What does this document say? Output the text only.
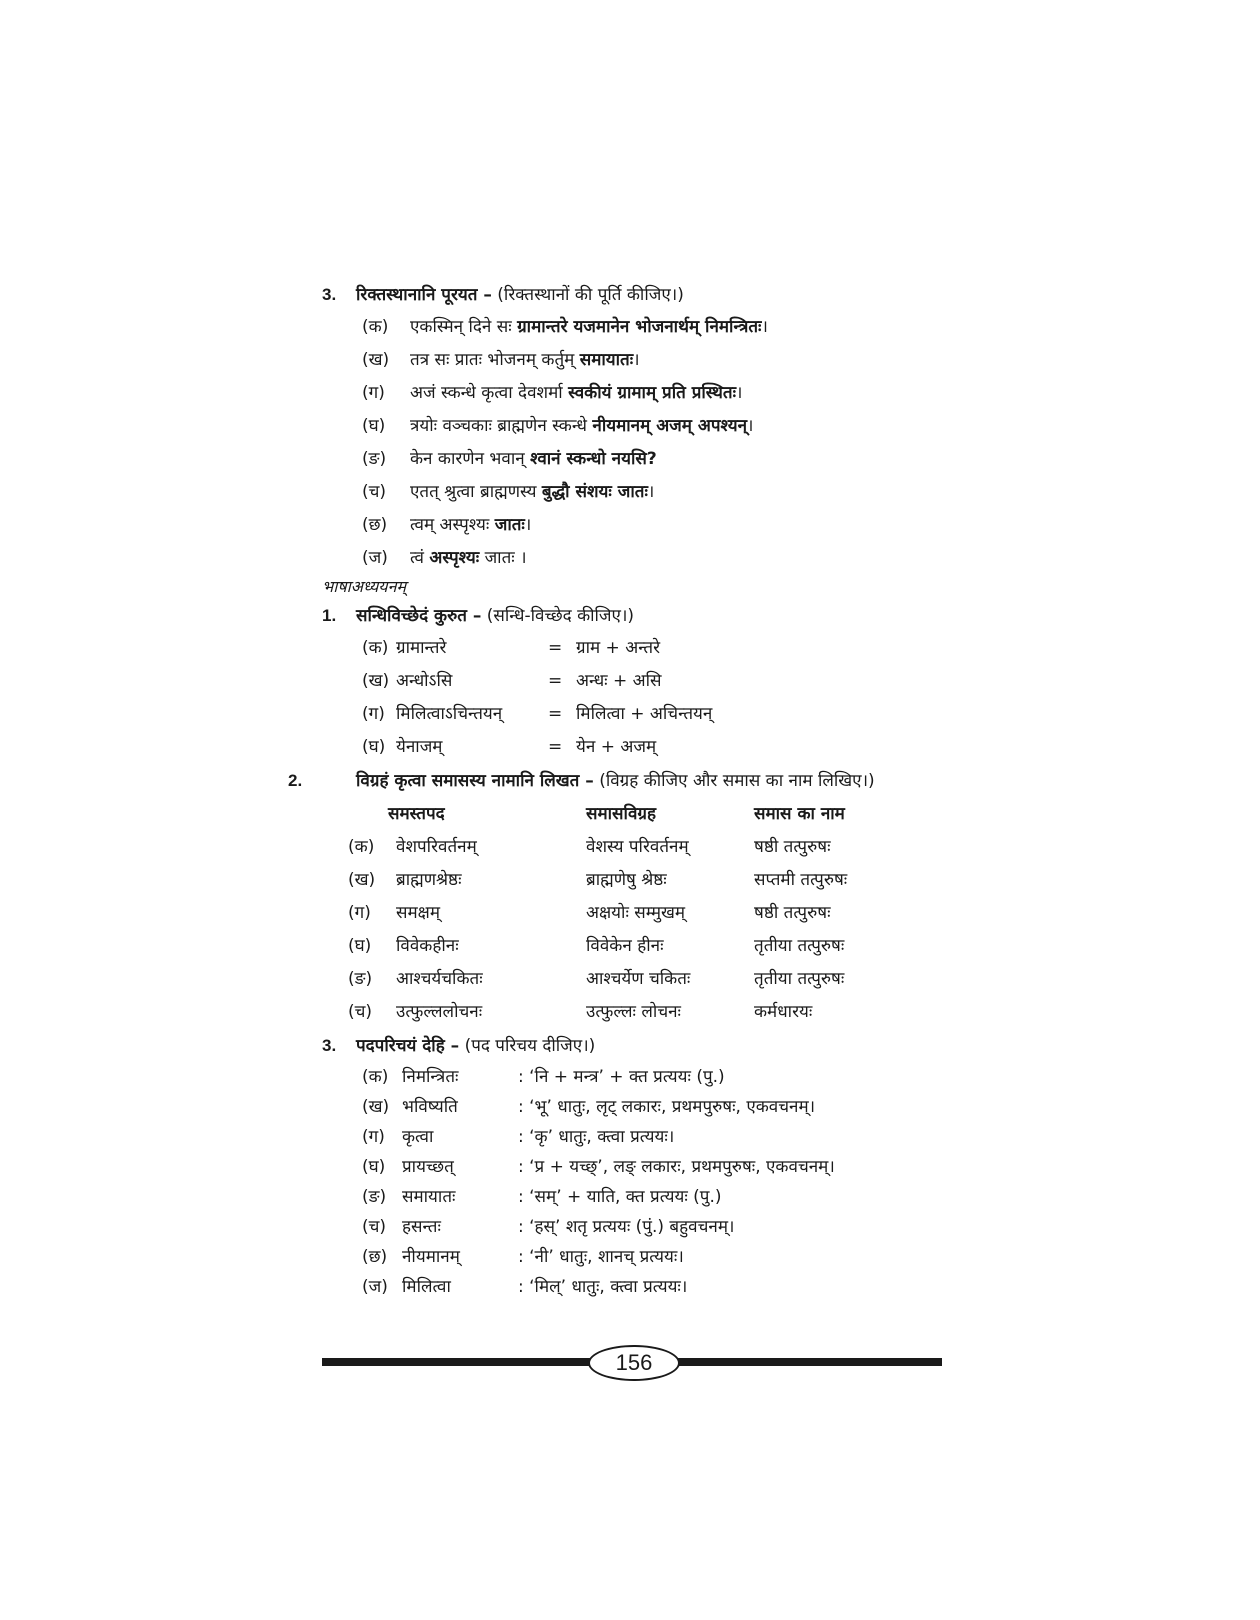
3. रिक्तस्थानानि पूरयत – (रिक्तस्थानों की पूर्ति कीजिए।)
(क) एकस्मिन् दिने सः ग्रामान्तरे यजमानेन भोजनार्थम् निमन्त्रितः।
(ख) तत्र सः प्रातः भोजनम् कर्तुम् समायातः।
(ग) अजं स्कन्धे कृत्वा देवशर्मा स्वकीयं ग्रामाम् प्रति प्रस्थितः।
(घ) त्रयोः वञ्चकाः ब्राह्मणेन स्कन्धे नीयमानम् अजम् अपश्यन्।
(ङ) केन कारणेन भवान् श्वानं स्कन्धो नयसि?
(च) एतत् श्रुत्वा ब्राह्मणस्य बुद्धौ संशयः जातः।
(छ) त्वम् अस्पृश्यः जातः।
(ज) त्वं अस्पृश्यः जातः ।
भाषाअध्ययनम्
1. सन्धिविच्छेदं कुरुत – (सन्धि-विच्छेद कीजिए।)
(क) ग्रामान्तरे	= ग्राम + अन्तरे
(ख) अन्धोऽसि	= अन्धः + असि
(ग) मिलित्वाऽचिन्तयन्	= मिलित्वा + अचिन्तयन्
(घ) येनाजम्	= येन + अजम्
2.	विग्रहं कृत्वा समासस्य नामानि लिखत – (विग्रह कीजिए और समास का नाम लिखिए।)
समस्तपद	समासविग्रह	समास का नाम
(क) वेशपरिवर्तनम्	वेशस्य परिवर्तनम्	षष्ठी तत्पुरुषः
(ख) ब्राह्मणश्रेष्ठः	ब्राह्मणेषु श्रेष्ठः	सप्तमी तत्पुरुषः
(ग) समक्षम्	अक्षयोः सम्मुखम्	षष्ठी तत्पुरुषः
(घ) विवेकहीनः	विवेकेन हीनः	तृतीया तत्पुरुषः
(ङ) आश्चर्यचकितः	आश्चर्येण चकितः	तृतीया तत्पुरुषः
(च) उत्फुल्ललोचनः	उत्फुल्लः लोचनः	कर्मधारयः
3. पदपरिचयं देहि – (पद परिचय दीजिए।)
(क) निमन्त्रितः	: ‘नि + मन्त्र’ + क्त प्रत्ययः (पु.)
(ख) भविष्यति	: ‘भू’ धातुः, लृट् लकारः, प्रथमपुरुषः, एकवचनम्।
(ग) कृत्वा	: ‘कृ’ धातुः, क्त्वा प्रत्ययः।
(घ) प्रायच्छत्	: ‘प्र + यच्छ्’, लङ् लकारः, प्रथमपुरुषः, एकवचनम्।
(ङ) समायातः	: ‘सम्’ + याति, क्त प्रत्ययः (पु.)
(च) हसन्तः	: ‘हस्’ शतृ प्रत्ययः (पुं.) बहुवचनम्।
(छ) नीयमानम्	: ‘नी’ धातुः, शानच् प्रत्ययः।
(ज) मिलित्वा	: ‘मिल्’ धातुः, क्त्वा प्रत्ययः।
156
